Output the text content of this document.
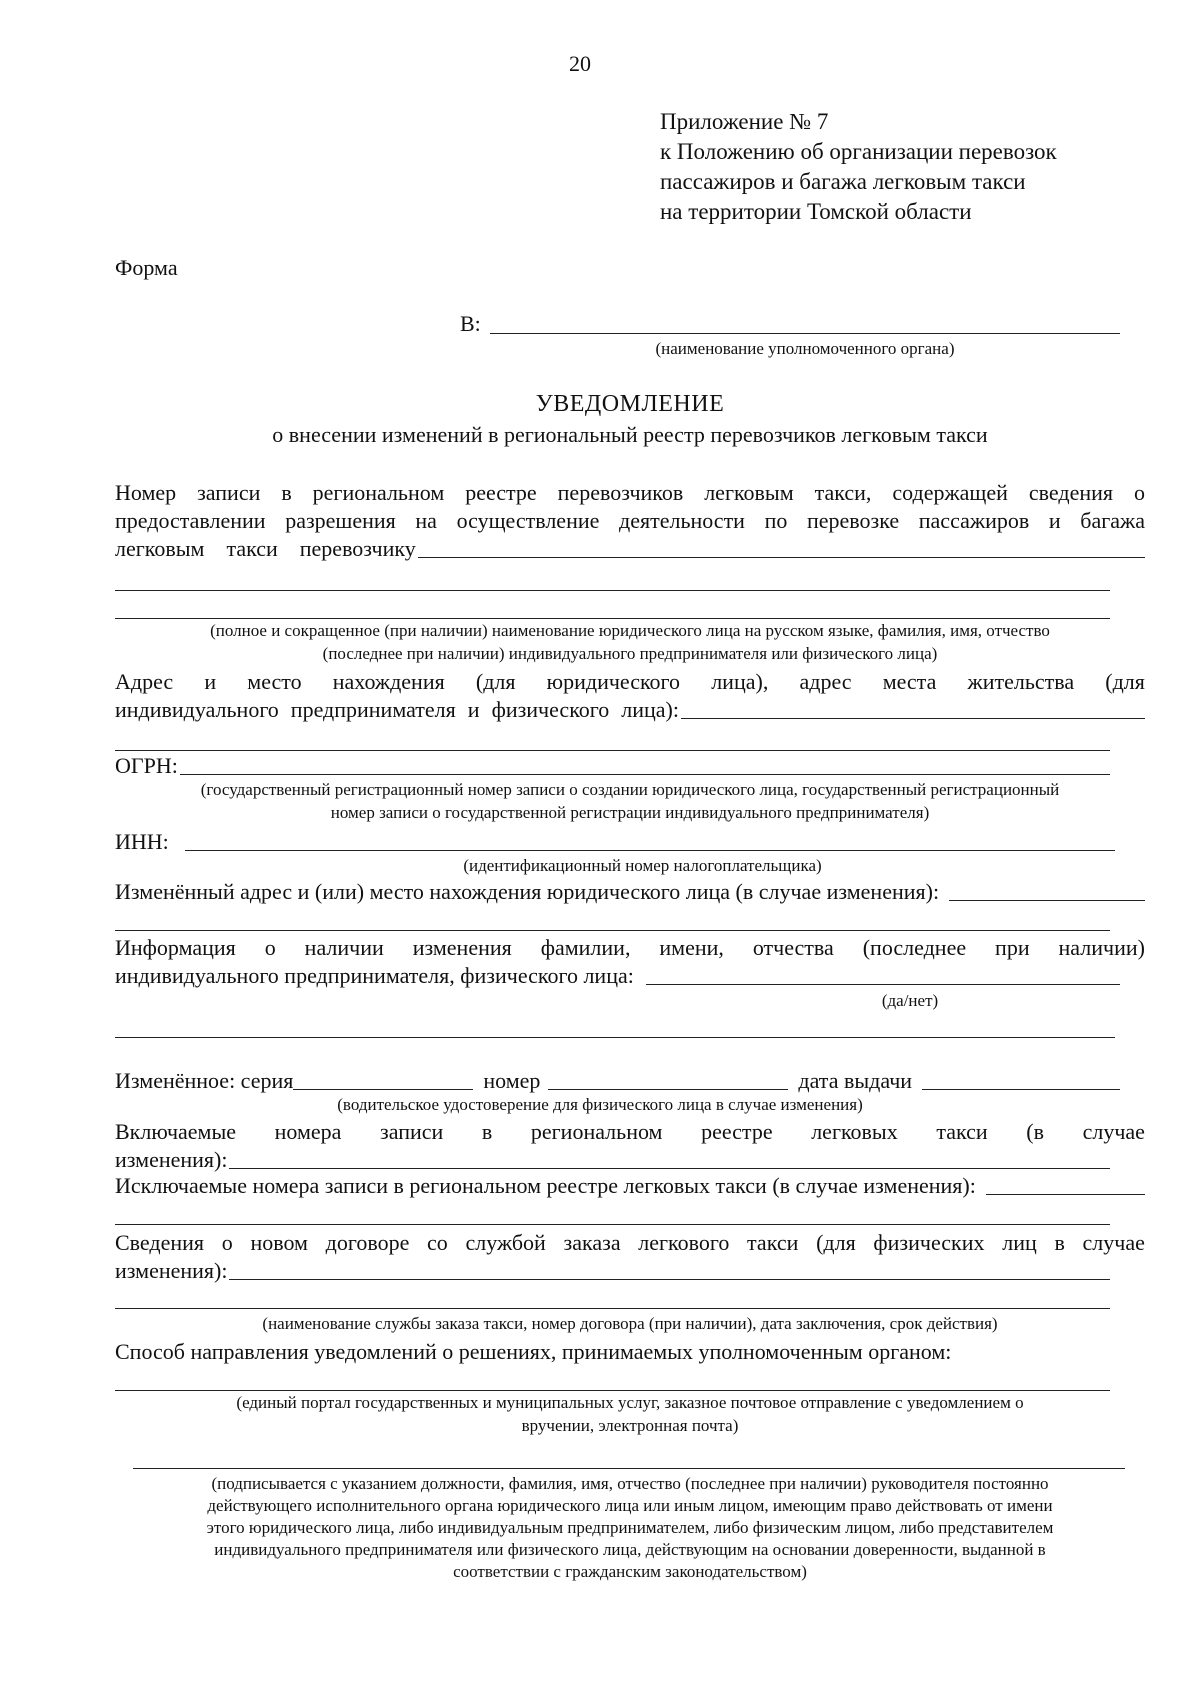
20

Приложение № 7

к Положению об организации перевозок

пассажиров и багажа легковым такси

на территории Томской области

Форма

В:

(наименование уполномоченного органа)

УВЕДОМЛЕНИЕ

о внесении изменений в региональный реестр перевозчиков легковым такси

Номер записи в региональном реестре перевозчиков легковым такси, содержащей сведения о
предоставлении разрешения на осуществление деятельности по перевозке пассажиров и багажа
легковым такси перевозчику

(полное и сокращенное (при наличии) наименование юридического лица на русском языке, фамилия, имя, отчество

(последнее при наличии) индивидуального предпринимателя или физического лица)

Адрес и место нахождения (для юридического лица), адрес места жительства (для
индивидуального предпринимателя и физического лица):
ОГРН:

(государственный регистрационный номер записи о создании юридического лица, государственный регистрационный

номер записи о государственной регистрации индивидуального предпринимателя)

ИНН:

(идентификационный номер налогоплательщика)

Изменённый адрес и (или) место нахождения юридического лица (в случае изменения):
Информация о наличии изменения фамилии, имени, отчества (последнее при наличии)
индивидуального предпринимателя, физического лица:

(да/нет)

Изменённое: серия	номер	дата выдачи

(водительское удостоверение для физического лица в случае изменения)

Включаемые номера записи в региональном реестре легковых такси (в случае
изменения):
Исключаемые номера записи в региональном реестре легковых такси (в случае изменения):
Сведения о новом договоре со службой заказа легкового такси (для физических лиц в случае
изменения):

(наименование службы заказа такси, номер договора (при наличии), дата заключения, срок действия)

Способ направления уведомлений о решениях, принимаемых уполномоченным органом:

(единый портал государственных и муниципальных услуг, заказное почтовое отправление с уведомлением о

вручении, электронная почта)

(подписывается с указанием должности, фамилия, имя, отчество (последнее при наличии) руководителя постоянно

действующего исполнительного органа юридического лица или иным лицом, имеющим право действовать от имени

этого юридического лица, либо индивидуальным предпринимателем, либо физическим лицом, либо представителем

индивидуального предпринимателя или физического лица, действующим на основании доверенности, выданной в

соответствии с гражданским законодательством)
